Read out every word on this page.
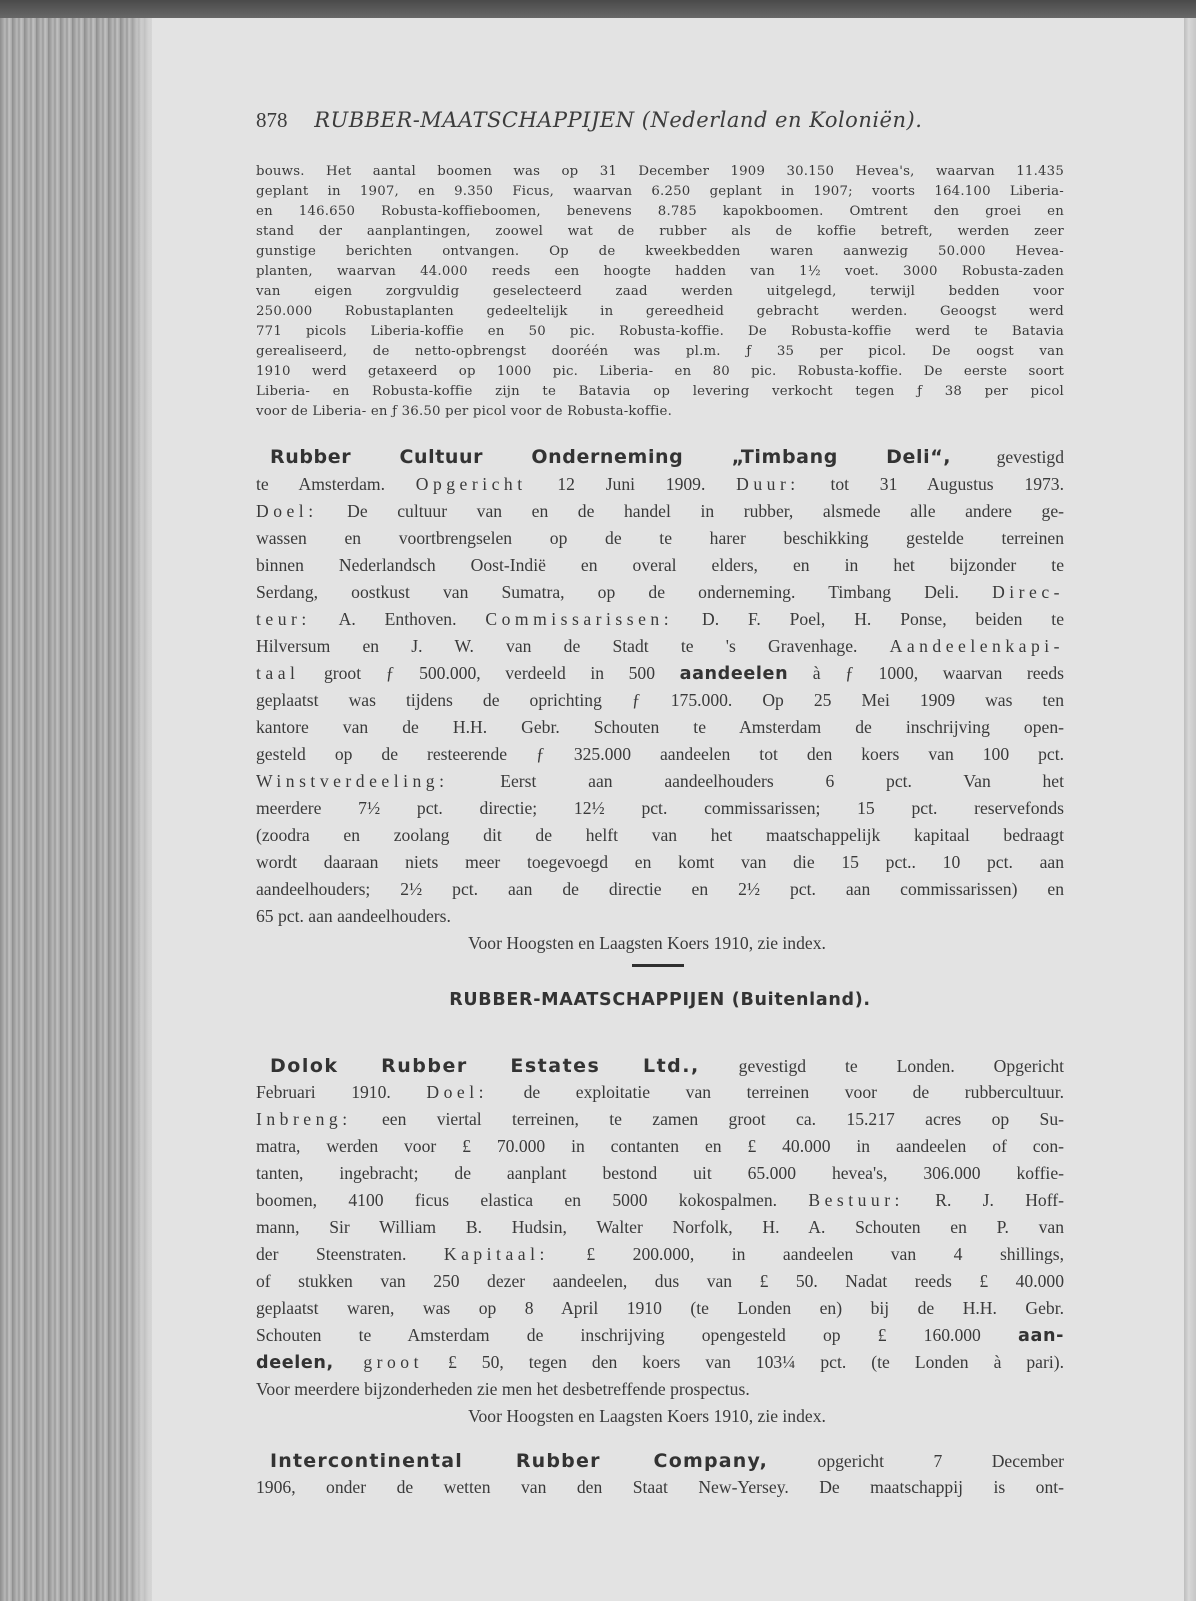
878 RUBBER-MAATSCHAPPIJEN (Nederland en Koloniën).
bouws. Het aantal boomen was op 31 December 1909 30.150 Hevea's, waarvan 11.435
geplant in 1907, en 9.350 Ficus, waarvan 6.250 geplant in 1907; voorts 164.100 Liberia-
en 146.650 Robusta-koffieboomen, benevens 8.785 kapokboomen. Omtrent den groei en
stand der aanplantingen, zoowel wat de rubber als de koffie betreft, werden zeer
gunstige berichten ontvangen. Op de kweekbedden waren aanwezig 50.000 Hevea-
planten, waarvan 44.000 reeds een hoogte hadden van 1½ voet. 3000 Robusta-zaden
van eigen zorgvuldig geselecteerd zaad werden uitgelegd, terwijl bedden voor
250.000 Robustaplanten gedeeltelijk in gereedheid gebracht werden. Geoogst werd
771 picols Liberia-koffie en 50 pic. Robusta-koffie. De Robusta-koffie werd te Batavia
gerealiseerd, de netto-opbrengst dooréén was pl.m. ƒ 35 per picol. De oogst van
1910 werd getaxeerd op 1000 pic. Liberia- en 80 pic. Robusta-koffie. De eerste soort
Liberia- en Robusta-koffie zijn te Batavia op levering verkocht tegen ƒ 38 per picol
voor de Liberia- en ƒ 36.50 per picol voor de Robusta-koffie.
Rubber Cultuur Onderneming „Timbang Deli“, gevestigd
te Amsterdam. Opgericht 12 Juni 1909. Duur: tot 31 Augustus 1973.
Doel: De cultuur van en de handel in rubber, alsmede alle andere ge-
wassen en voortbrengselen op de te harer beschikking gestelde terreinen
binnen Nederlandsch Oost-Indië en overal elders, en in het bijzonder te
Serdang, oostkust van Sumatra, op de onderneming. Timbang Deli. Direc-
teur: A. Enthoven. Commissarissen: D. F. Poel, H. Ponse, beiden te
Hilversum en J. W. van de Stadt te 's Gravenhage. Aandeelenkapi-
taal groot ƒ 500.000, verdeeld in 500 aandeelen à ƒ 1000, waarvan reeds
geplaatst was tijdens de oprichting ƒ 175.000. Op 25 Mei 1909 was ten
kantore van de H.H. Gebr. Schouten te Amsterdam de inschrijving open-
gesteld op de resteerende ƒ 325.000 aandeelen tot den koers van 100 pct.
Winstverdeeling: Eerst aan aandeelhouders 6 pct. Van het
meerdere 7½ pct. directie; 12½ pct. commissarissen; 15 pct. reservefonds
(zoodra en zoolang dit de helft van het maatschappelijk kapitaal bedraagt
wordt daaraan niets meer toegevoegd en komt van die 15 pct.. 10 pct. aan
aandeelhouders; 2½ pct. aan de directie en 2½ pct. aan commissarissen) en
65 pct. aan aandeelhouders.
Voor Hoogsten en Laagsten Koers 1910, zie index.
RUBBER-MAATSCHAPPIJEN (Buitenland).
Dolok Rubber Estates Ltd., gevestigd te Londen. Opgericht
Februari 1910. Doel: de exploitatie van terreinen voor de rubbercultuur.
Inbreng: een viertal terreinen, te zamen groot ca. 15.217 acres op Su-
matra, werden voor £ 70.000 in contanten en £ 40.000 in aandeelen of con-
tanten, ingebracht; de aanplant bestond uit 65.000 hevea's, 306.000 koffie-
boomen, 4100 ficus elastica en 5000 kokospalmen. Bestuur: R. J. Hoff-
mann, Sir William B. Hudsin, Walter Norfolk, H. A. Schouten en P. van
der Steenstraten. Kapitaal: £ 200.000, in aandeelen van 4 shillings,
of stukken van 250 dezer aandeelen, dus van £ 50. Nadat reeds £ 40.000
geplaatst waren, was op 8 April 1910 (te Londen en) bij de H.H. Gebr.
Schouten te Amsterdam de inschrijving opengesteld op £ 160.000 aan-
deelen, groot £ 50, tegen den koers van 103¼ pct. (te Londen à pari).
Voor meerdere bijzonderheden zie men het desbetreffende prospectus.
Voor Hoogsten en Laagsten Koers 1910, zie index.
Intercontinental Rubber Company, opgericht 7 December
1906, onder de wetten van den Staat New-Yersey. De maatschappij is ont-
